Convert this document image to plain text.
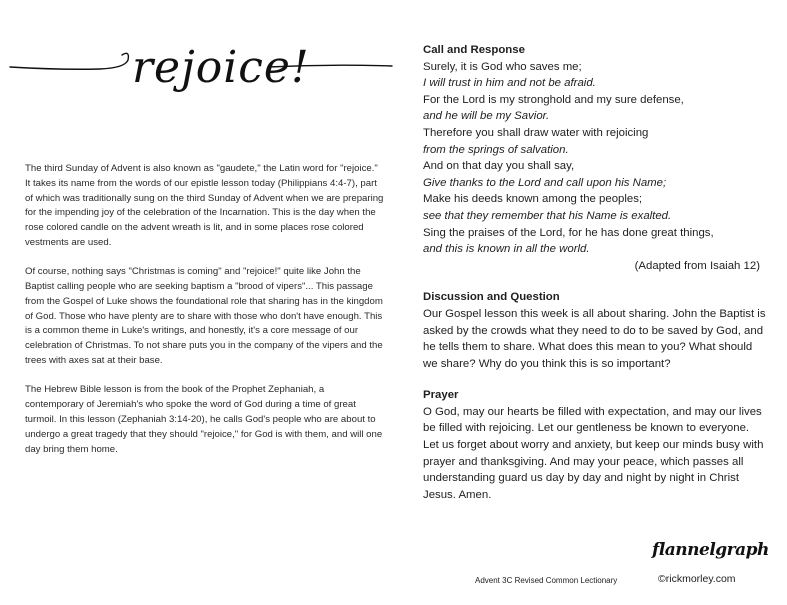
rejoice!

The third Sunday of Advent is also known as "gaudete," the Latin word for "rejoice." It takes its name from the words of our epistle lesson today (Philippians 4:4-7), part of which was traditionally sung on the third Sunday of Advent when we are preparing for the impending joy of the celebration of the Incarnation. This is the day when the rose colored candle on the advent wreath is lit, and in some places rose colored vestments are used.

Of course, nothing says "Christmas is coming" and "rejoice!" quite like John the Baptist calling people who are seeking baptism a "brood of vipers"... This passage from the Gospel of Luke shows the foundational role that sharing has in the kingdom of God. Those who have plenty are to share with those who don't have enough. This is a common theme in Luke's writings, and honestly, it's a core message of our celebration of Christmas. To not share puts you in the company of the vipers and the trees with axes sat at their base.

The Hebrew Bible lesson is from the book of the Prophet Zephaniah, a contemporary of Jeremiah's who spoke the word of God during a time of great turmoil. In this lesson (Zephaniah 3:14-20), he calls God's people who are about to undergo a great tragedy that they should "rejoice," for God is with them, and will one day bring them home.

Call and Response
Surely, it is God who saves me;
I will trust in him and not be afraid.
For the Lord is my stronghold and my sure defense,
and he will be my Savior.
Therefore you shall draw water with rejoicing
from the springs of salvation.
And on that day you shall say,
Give thanks to the Lord and call upon his Name;
Make his deeds known among the peoples;
see that they remember that his Name is exalted.
Sing the praises of the Lord, for he has done great things,
and this is known in all the world.
(Adapted from Isaiah 12)
Discussion and Question
Our Gospel lesson this week is all about sharing. John the Baptist is asked by the crowds what they need to do to be saved by God, and he tells them to share. What does this mean to you? What should we share? Why do you think this is so important?
Prayer
O God, may our hearts be filled with expectation, and may our lives be filled with rejoicing. Let our gentleness be known to everyone. Let us forget about worry and anxiety, but keep our minds busy with prayer and thanksgiving. And may your peace, which passes all understanding guard us day by day and night by night in Christ Jesus. Amen.
flannelgraph
Advent 3C Revised Common Lectionary	©rickmorley.com
